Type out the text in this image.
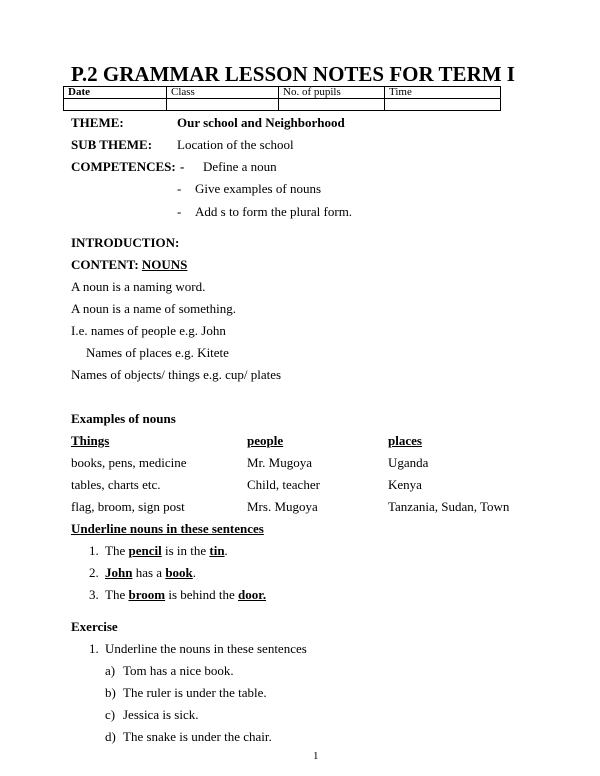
P.2 GRAMMAR LESSON NOTES FOR TERM I
Date	Class	No. of pupils	Time

THEME:	Our school and Neighborhood
SUB THEME: Location of the school
COMPETENCES: - Define a noun
- Give examples of nouns
- Add s to form the plural form.
INTRODUCTION:
CONTENT: NOUNS
A noun is a naming word.
A noun is a name of something.
I.e. names of people e.g. John
Names of places e.g. Kitete
Names of objects/ things e.g. cup/ plates
Examples of nouns
Things	people	places
books, pens, medicine	Mr. Mugoya	Uganda
tables, charts etc.	Child, teacher	Kenya
flag, broom, sign post	Mrs. Mugoya	Tanzania, Sudan, Town
Underline nouns in these sentences
1. The pencil is in the tin.
2. John has a book.
3. The broom is behind the door.
Exercise
1. Underline the nouns in these sentences
a) Tom has a nice book.
b) The ruler is under the table.
c) Jessica is sick.
d) The snake is under the chair.
1
